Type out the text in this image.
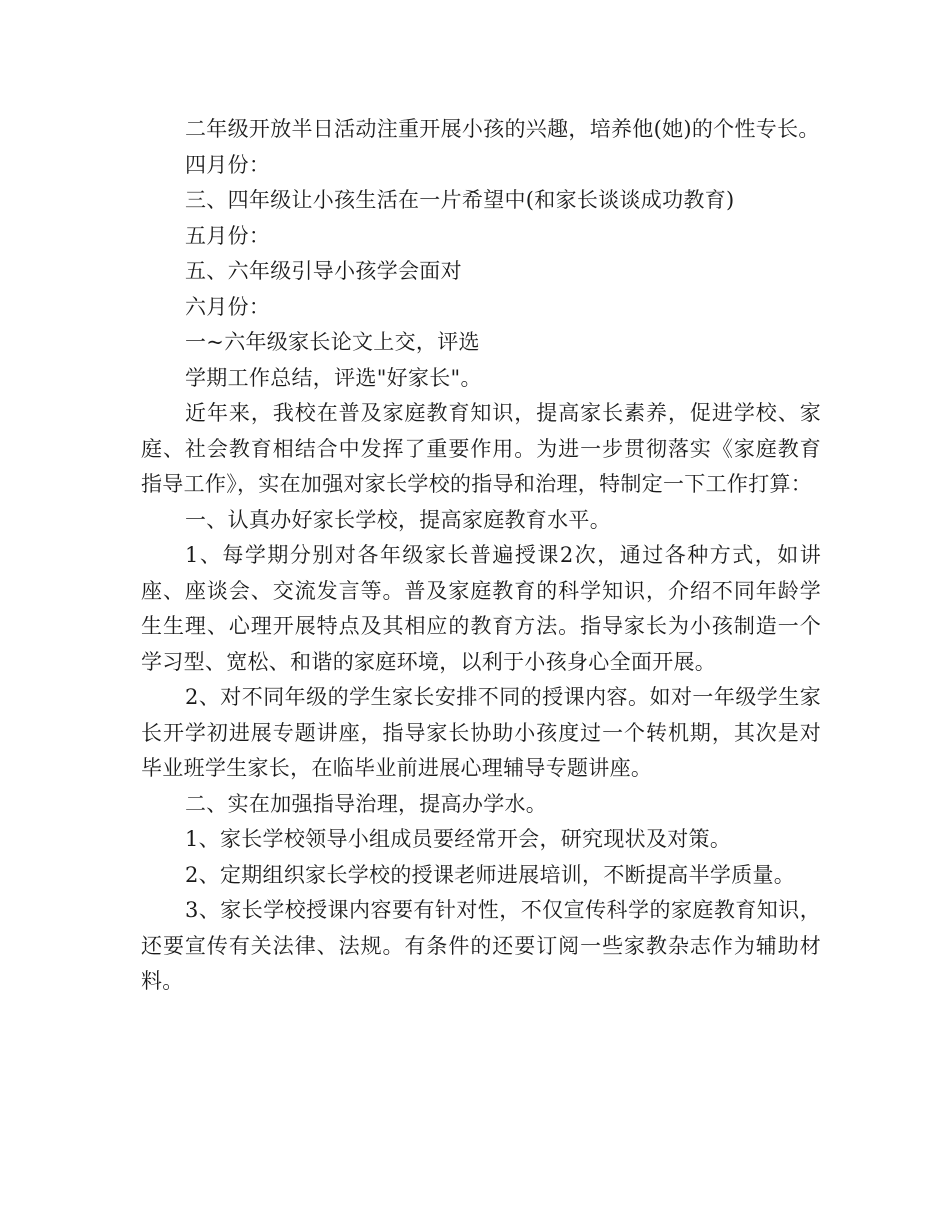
二年级开放半日活动注重开展小孩的兴趣，培养他(她)的个性专长。

四月份：

三、四年级让小孩生活在一片希望中(和家长谈谈成功教育)

五月份：

五、六年级引导小孩学会面对

六月份：

一~六年级家长论文上交，评选

学期工作总结，评选"好家长"。

近年来，我校在普及家庭教育知识，提高家长素养，促进学校、家庭、社会教育相结合中发挥了重要作用。为进一步贯彻落实《家庭教育指导工作》，实在加强对家长学校的指导和治理，特制定一下工作打算：

一、认真办好家长学校，提高家庭教育水平。

1、每学期分别对各年级家长普遍授课2次，通过各种方式，如讲座、座谈会、交流发言等。普及家庭教育的科学知识，介绍不同年龄学生生理、心理开展特点及其相应的教育方法。指导家长为小孩制造一个学习型、宽松、和谐的家庭环境，以利于小孩身心全面开展。

2、对不同年级的学生家长安排不同的授课内容。如对一年级学生家长开学初进展专题讲座，指导家长协助小孩度过一个转机期，其次是对毕业班学生家长，在临毕业前进展心理辅导专题讲座。

二、实在加强指导治理，提高办学水。

1、家长学校领导小组成员要经常开会，研究现状及对策。

2、定期组织家长学校的授课老师进展培训，不断提高半学质量。

3、家长学校授课内容要有针对性，不仅宣传科学的家庭教育知识，还要宣传有关法律、法规。有条件的还要订阅一些家教杂志作为辅助材料。
